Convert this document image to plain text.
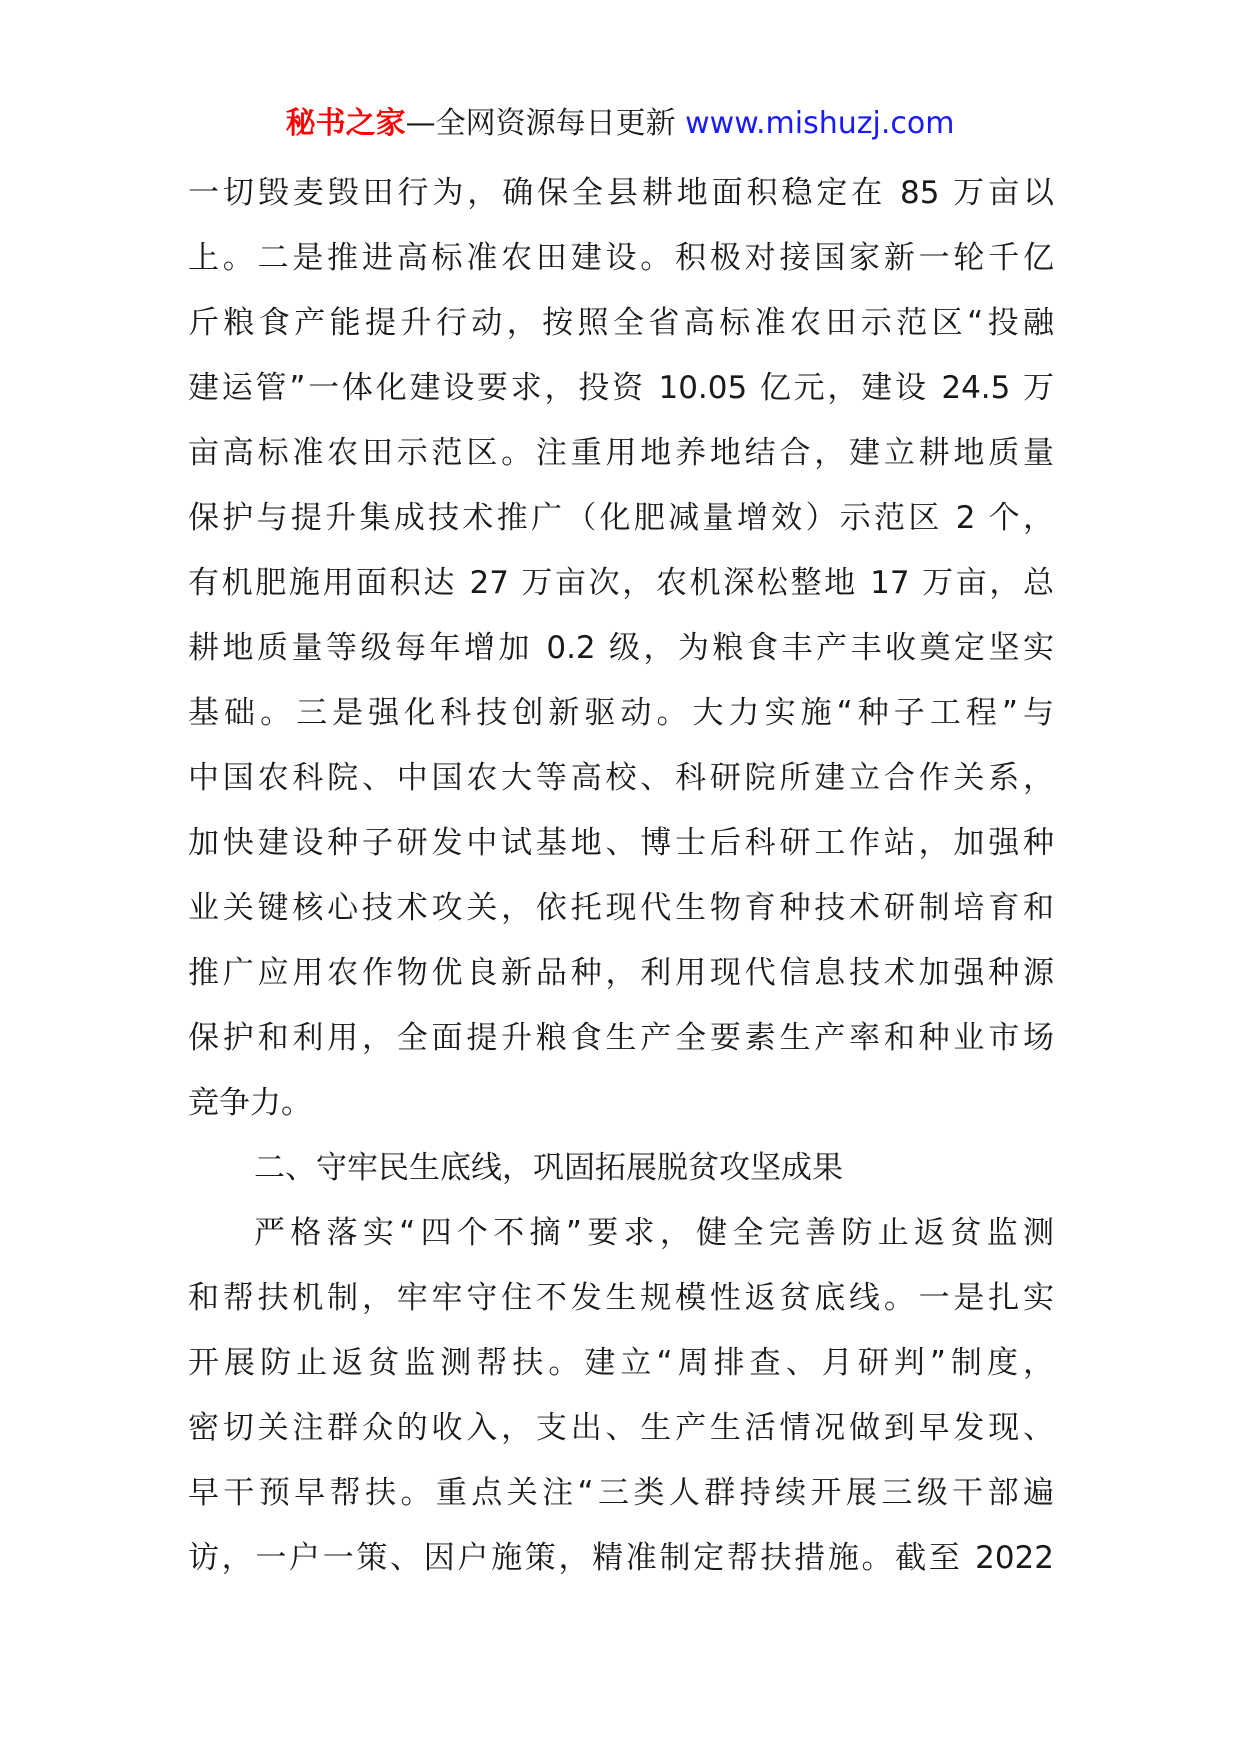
秘书之家—全网资源每日更新 www.mishuzj.com
一切毁麦毁田行为，确保全县耕地面积稳定在 85 万亩以
上。二是推进高标准农田建设。积极对接国家新一轮千亿
斤粮食产能提升行动，按照全省高标准农田示范区“投融
建运管”一体化建设要求，投资 10.05 亿元，建设 24.5 万
亩高标准农田示范区。注重用地养地结合，建立耕地质量
保护与提升集成技术推广（化肥减量增效）示范区 2 个，
有机肥施用面积达 27 万亩次，农机深松整地 17 万亩，总
耕地质量等级每年增加 0.2 级，为粮食丰产丰收奠定坚实
基础。三是强化科技创新驱动。大力实施“种子工程”与
中国农科院、中国农大等高校、科研院所建立合作关系，
加快建设种子研发中试基地、博士后科研工作站，加强种
业关键核心技术攻关，依托现代生物育种技术研制培育和
推广应用农作物优良新品种，利用现代信息技术加强种源
保护和利用，全面提升粮食生产全要素生产率和种业市场
竞争力。
二、守牢民生底线，巩固拓展脱贫攻坚成果
严格落实“四个不摘”要求，健全完善防止返贫监测
和帮扶机制，牢牢守住不发生规模性返贫底线。一是扎实
开展防止返贫监测帮扶。建立“周排查、月研判”制度，
密切关注群众的收入，支出、生产生活情况做到早发现、
早干预早帮扶。重点关注“三类人群持续开展三级干部遍
访，一户一策、因户施策，精准制定帮扶措施。截至 2022
